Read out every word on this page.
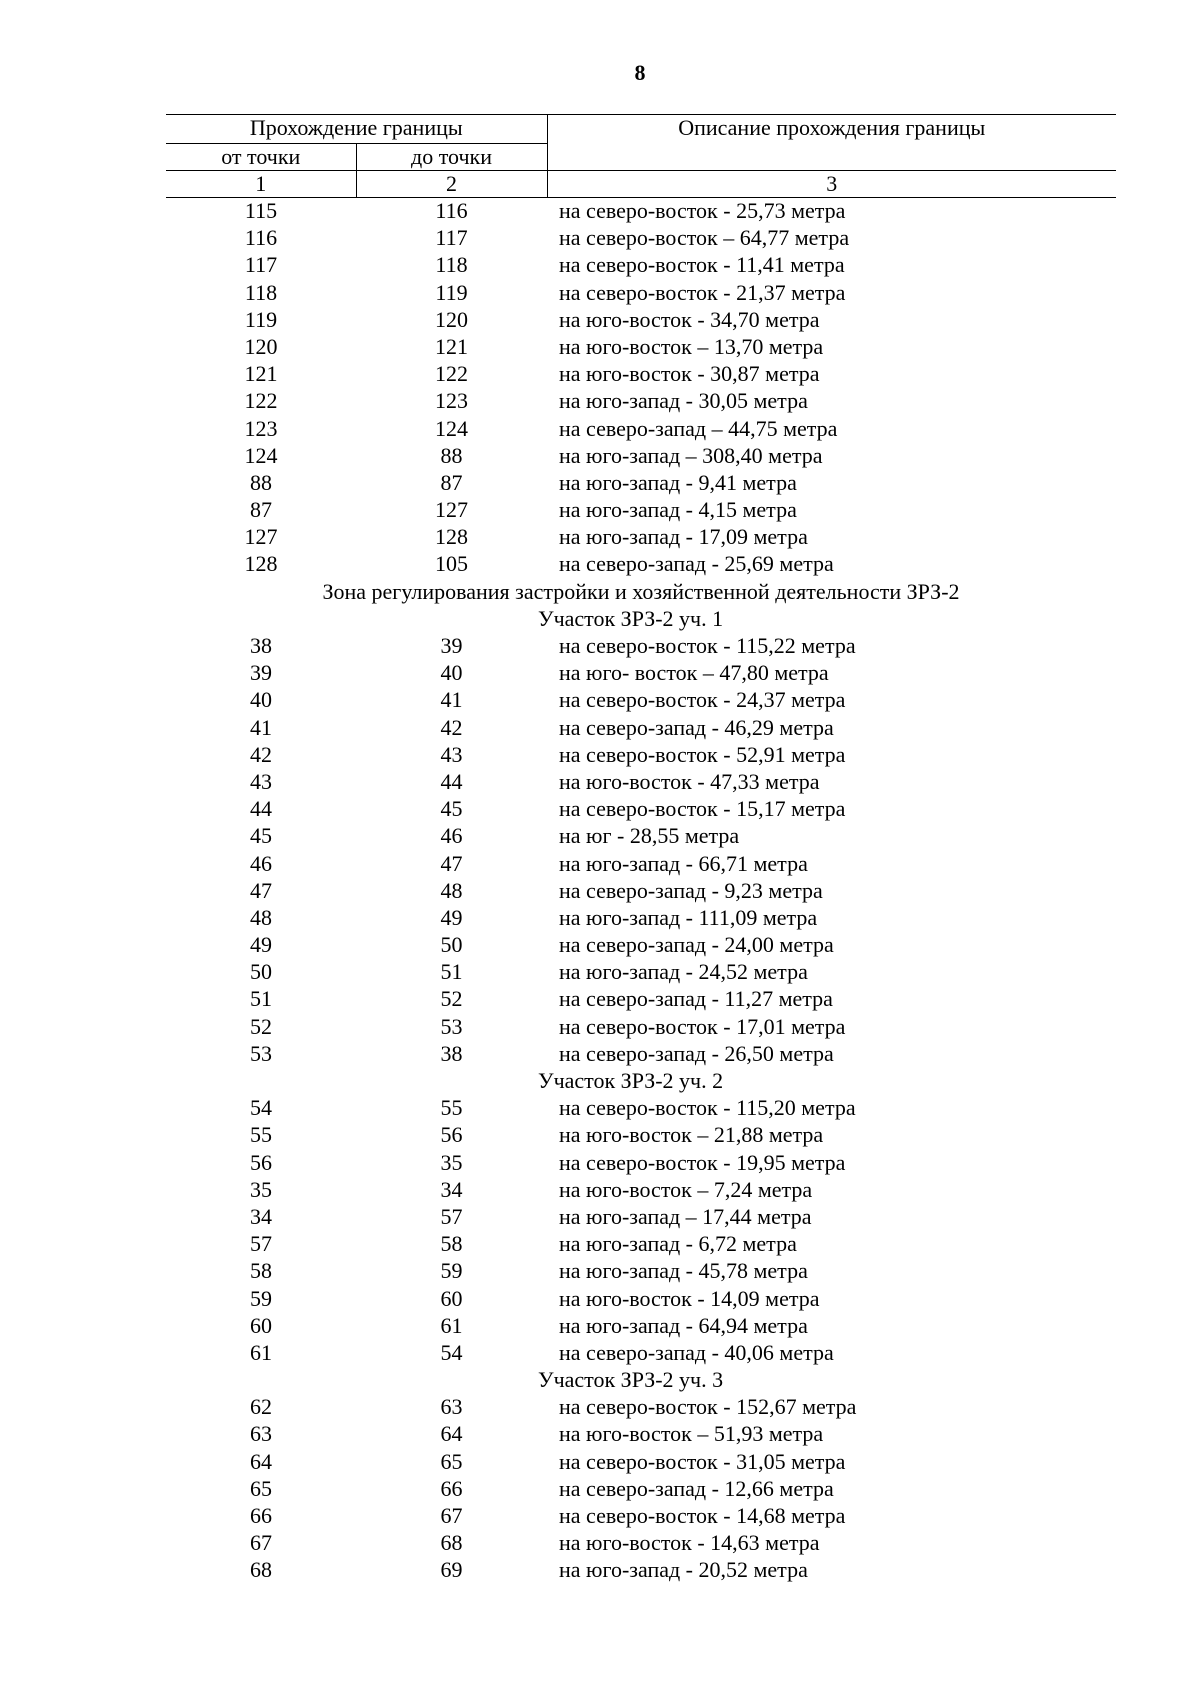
8
Прохождение границы		Описание прохождения границы
от точки	до точки	
1	2	3
115	116	на северо-восток - 25,73 метра
116	117	на северо-восток – 64,77 метра
117	118	на северо-восток - 11,41 метра
118	119	на северо-восток - 21,37 метра
119	120	на юго-восток - 34,70 метра
120	121	на юго-восток – 13,70 метра
121	122	на юго-восток - 30,87 метра
122	123	на юго-запад - 30,05 метра
123	124	на северо-запад – 44,75 метра
124	88	на юго-запад – 308,40 метра
88	87	на юго-запад - 9,41 метра
87	127	на юго-запад - 4,15 метра
127	128	на юго-запад - 17,09 метра
128	105	на северо-запад - 25,69 метра
Зона регулирования застройки и хозяйственной деятельности ЗРЗ-2		
Участок ЗРЗ-2 уч. 1		
38	39	на северо-восток - 115,22 метра
39	40	на юго- восток – 47,80 метра
40	41	на северо-восток - 24,37 метра
41	42	на северо-запад - 46,29 метра
42	43	на северо-восток - 52,91 метра
43	44	на юго-восток - 47,33 метра
44	45	на северо-восток - 15,17 метра
45	46	на юг - 28,55 метра
46	47	на юго-запад - 66,71 метра
47	48	на северо-запад - 9,23 метра
48	49	на юго-запад - 111,09 метра
49	50	на северо-запад - 24,00 метра
50	51	на юго-запад - 24,52 метра
51	52	на северо-запад - 11,27 метра
52	53	на северо-восток - 17,01 метра
53	38	на северо-запад - 26,50 метра
Участок ЗРЗ-2 уч. 2		
54	55	на северо-восток - 115,20 метра
55	56	на юго-восток – 21,88 метра
56	35	на северо-восток - 19,95 метра
35	34	на юго-восток – 7,24 метра
34	57	на юго-запад – 17,44 метра
57	58	на юго-запад - 6,72 метра
58	59	на юго-запад - 45,78 метра
59	60	на юго-восток - 14,09 метра
60	61	на юго-запад - 64,94 метра
61	54	на северо-запад - 40,06 метра
Участок ЗРЗ-2 уч. 3		
62	63	на северо-восток - 152,67 метра
63	64	на юго-восток – 51,93 метра
64	65	на северо-восток - 31,05 метра
65	66	на северо-запад - 12,66 метра
66	67	на северо-восток - 14,68 метра
67	68	на юго-восток - 14,63 метра
68	69	на юго-запад - 20,52 метра
